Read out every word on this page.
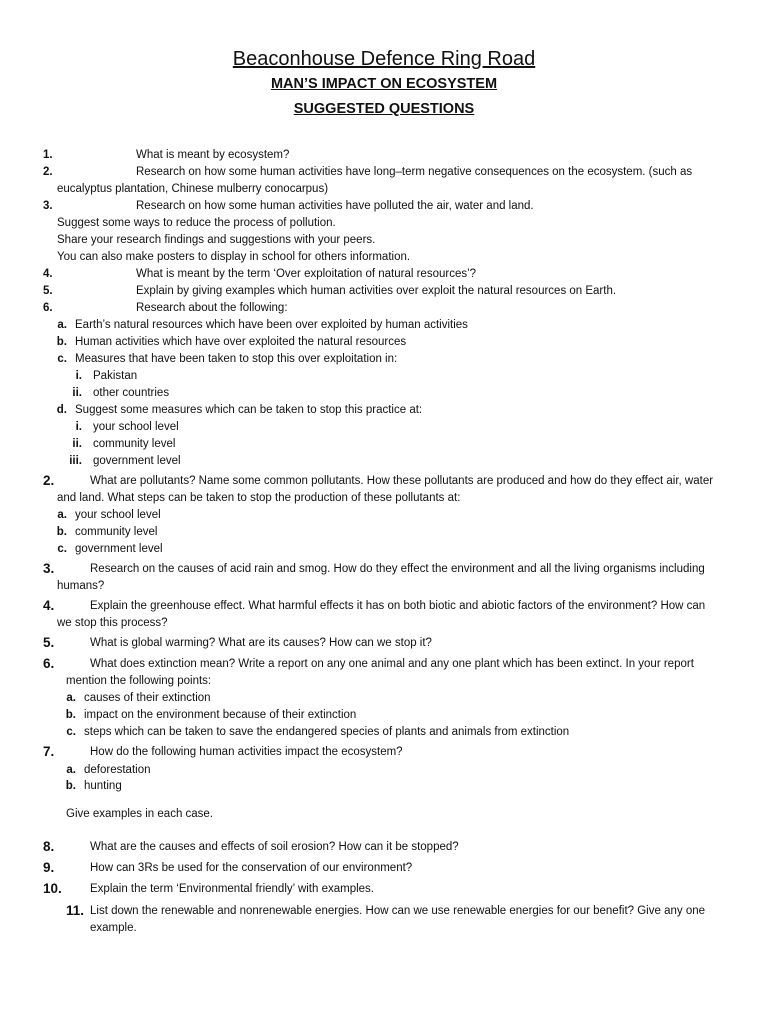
Beaconhouse Defence Ring Road
MAN’S IMPACT ON ECOSYSTEM
SUGGESTED QUESTIONS
1.	What is meant by ecosystem?
2.	Research on how some human activities have long–term negative consequences on the ecosystem. (such as
eucalyptus plantation, Chinese mulberry conocarpus)
3.	Research on how some human activities have polluted the air, water and land.
Suggest some ways to reduce the process of pollution.
Share your research findings and suggestions with your peers.
You can also make posters to display in school for others information.
4.	What is meant by the term ‘Over exploitation of natural resources’?
5.	Explain by giving examples which human activities over exploit the natural resources on Earth.
6.	Research about the following:
a. Earth’s natural resources which have been over exploited by human activities
b. Human activities which have over exploited the natural resources
c. Measures that have been taken to stop this over exploitation in:
i. Pakistan
ii. other countries
d. Suggest some measures which can be taken to stop this practice at:
i. your school level
ii. community level
iii. government level
2.	What are pollutants? Name some common pollutants. How these pollutants are produced and how do they effect air, water
and land. What steps can be taken to stop the production of these pollutants at:
a. your school level
b. community level
c. government level
3.	Research on the causes of acid rain and smog. How do they effect the environment and all the living organisms including
humans?
4.	Explain the greenhouse effect. What harmful effects it has on both biotic and abiotic factors of the environment? How can
we stop this process?
5.	What is global warming? What are its causes? How can we stop it?
6.	What does extinction mean? Write a report on any one animal and any one plant which has been extinct. In your report
mention the following points:
a. causes of their extinction
b. impact on the environment because of their extinction
c. steps which can be taken to save the endangered species of plants and animals from extinction
7.	How do the following human activities impact the ecosystem?
a. deforestation
b. hunting
Give examples in each case.
8.	What are the causes and effects of soil erosion? How can it be stopped?
9.	How can 3Rs be used for the conservation of our environment?
10. Explain the term ‘Environmental friendly’ with examples.
11. List down the renewable and nonrenewable energies. How can we use renewable energies for our benefit? Give any one
example.
